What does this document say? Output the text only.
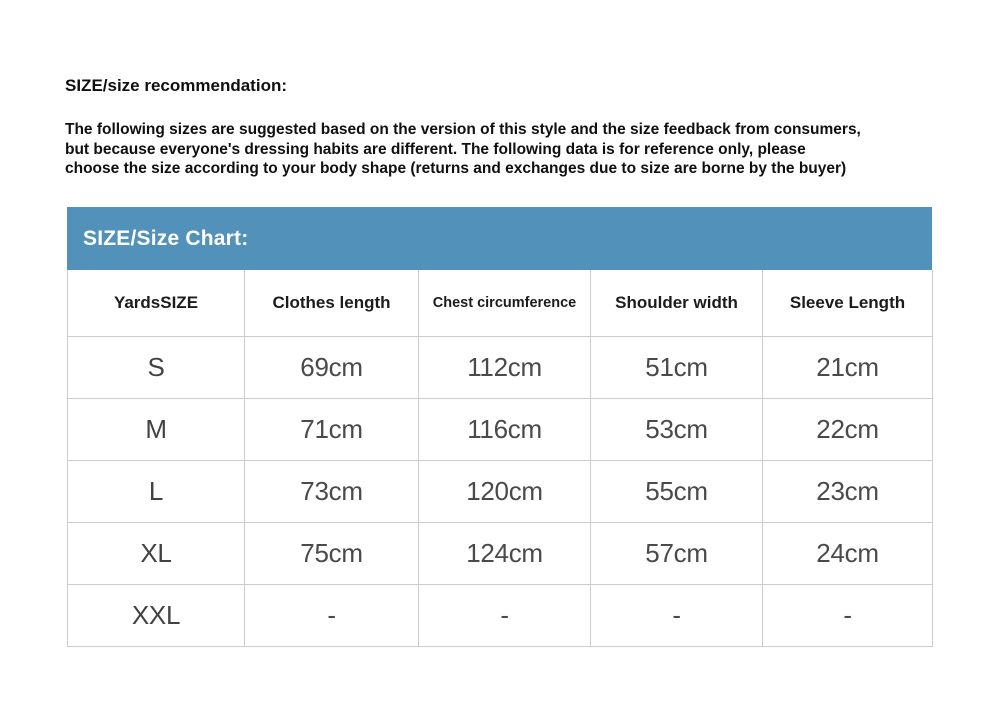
SIZE/size recommendation:
The following sizes are suggested based on the version of this style and the size feedback from consumers,
but because everyone's dressing habits are different. The following data is for reference only, please
choose the size according to your body shape (returns and exchanges due to size are borne by the buyer)
SIZE/Size Chart:
YardsSIZE	Clothes length	Chest circumference	Shoulder width	Sleeve Length
S	69cm	112cm	51cm	21cm
M	71cm	116cm	53cm	22cm
L	73cm	120cm	55cm	23cm
XL	75cm	124cm	57cm	24cm
XXL	-	-	-	-
